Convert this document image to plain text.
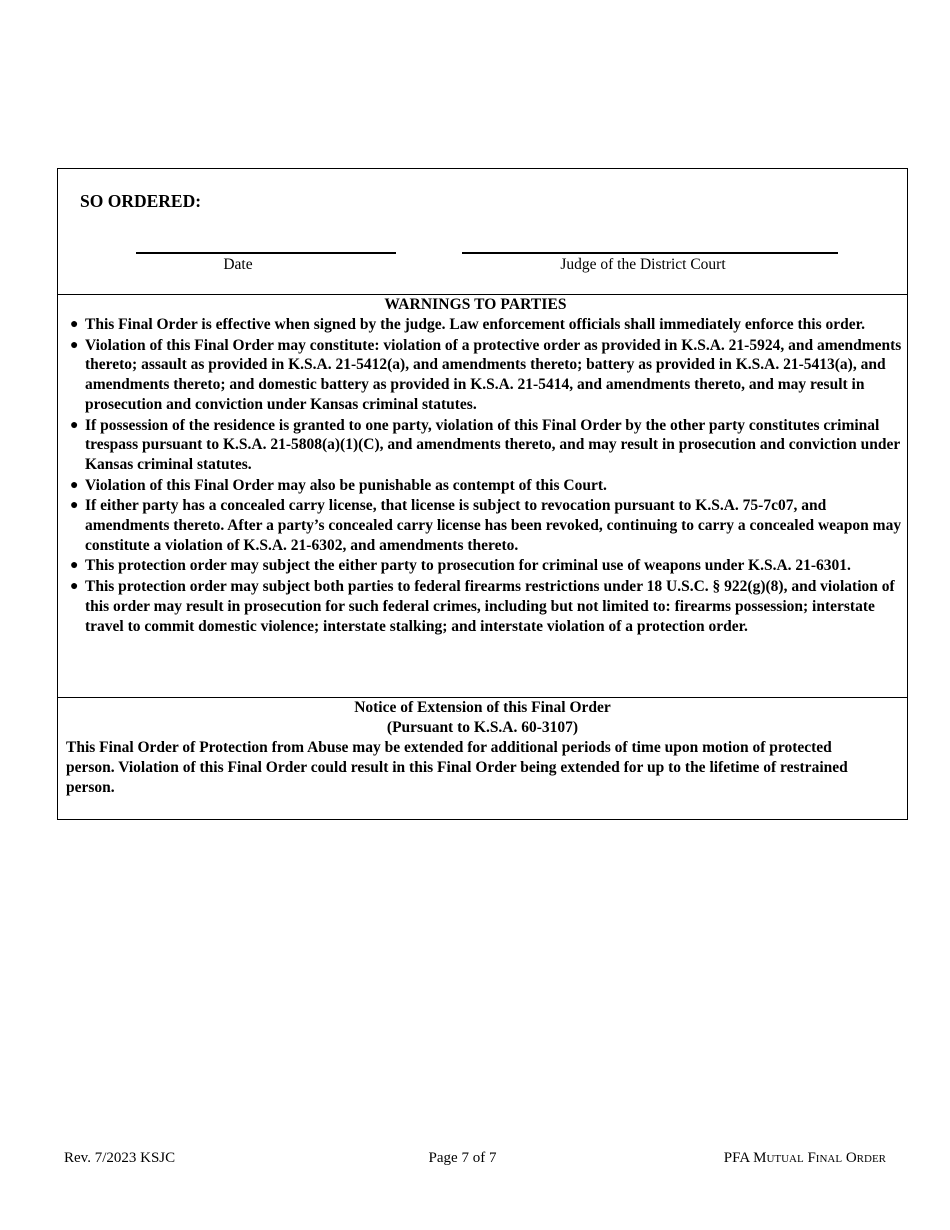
SO ORDERED:
Date	Judge of the District Court
WARNINGS TO PARTIES
● This Final Order is effective when signed by the judge. Law enforcement officials shall immediately enforce this order.
● Violation of this Final Order may constitute: violation of a protective order as provided in K.S.A. 21-5924, and amendments thereto; assault as provided in K.S.A. 21-5412(a), and amendments thereto; battery as provided in K.S.A. 21-5413(a), and amendments thereto; and domestic battery as provided in K.S.A. 21-5414, and amendments thereto, and may result in prosecution and conviction under Kansas criminal statutes.
● If possession of the residence is granted to one party, violation of this Final Order by the other party constitutes criminal trespass pursuant to K.S.A. 21-5808(a)(1)(C), and amendments thereto, and may result in prosecution and conviction under Kansas criminal statutes.
● Violation of this Final Order may also be punishable as contempt of this Court.
● If either party has a concealed carry license, that license is subject to revocation pursuant to K.S.A. 75-7c07, and amendments thereto. After a party’s concealed carry license has been revoked, continuing to carry a concealed weapon may constitute a violation of K.S.A. 21-6302, and amendments thereto.
● This protection order may subject the either party to prosecution for criminal use of weapons under K.S.A. 21-6301.
● This protection order may subject both parties to federal firearms restrictions under 18 U.S.C. § 922(g)(8), and violation of this order may result in prosecution for such federal crimes, including but not limited to: firearms possession; interstate travel to commit domestic violence; interstate stalking; and interstate violation of a protection order.
Notice of Extension of this Final Order
(Pursuant to K.S.A. 60-3107)
This Final Order of Protection from Abuse may be extended for additional periods of time upon motion of protected person. Violation of this Final Order could result in this Final Order being extended for up to the lifetime of restrained person.
Rev. 7/2023 KSJC	Page 7 of 7	PFA Mutual Final Order
